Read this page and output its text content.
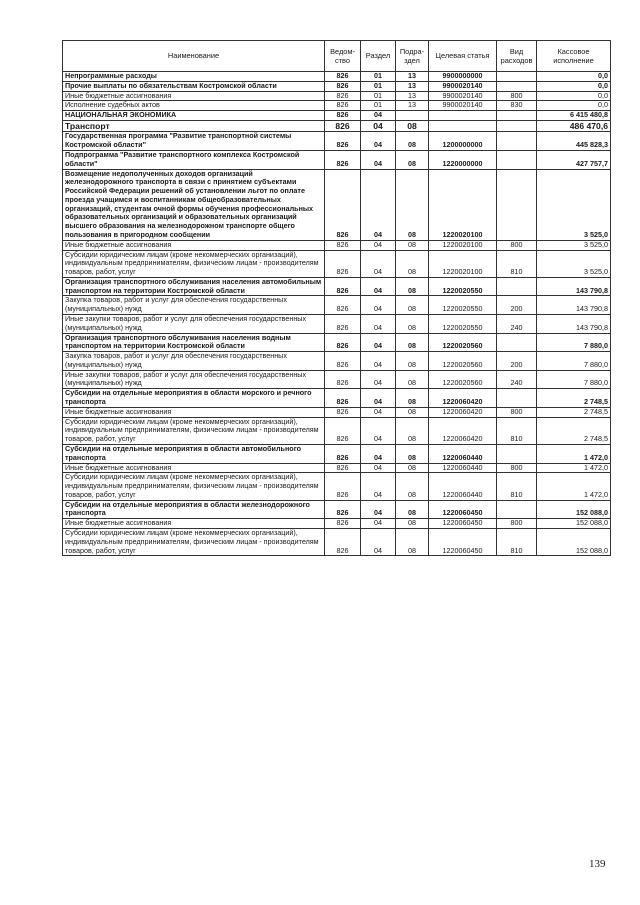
Наименование	Ведом-ство	Раздел	Подра-здел	Целевая статья	Вид расходов	Кассовое исполнение
Непрограммные расходы	826	01	13	9900000000		0,0
Прочие выплаты по обязательствам Костромской области	826	01	13	9900020140		0,0
Иные бюджетные ассигнования	826	01	13	9900020140	800	0,0
Исполнение судебных актов	826	01	13	9900020140	830	0,0
НАЦИОНАЛЬНАЯ ЭКОНОМИКА	826	04				6 415 480,8
Транспорт	826	04	08			486 470,6
Государственная программа "Развитие транспортной системы Костромской области"	826	04	08	1200000000		445 828,3
Подпрограмма "Развитие транспортного комплекса Костромской области"	826	04	08	1220000000		427 757,7
Возмещение недополученных доходов организаций железнодорожного транспорта в связи с принятием субъектами Российской Федерации решений об установлении льгот по оплате проезда учащимся и воспитанникам общеобразовательных организаций, студентам очной формы обучения профессиональных образовательных организаций и образовательных организаций высшего образования на железнодорожном транспорте общего пользования в пригородном сообщении	826	04	08	1220020100		3 525,0
Иные бюджетные ассигнования	826	04	08	1220020100	800	3 525,0
Субсидии юридическим лицам (кроме некоммерческих организаций), индивидуальным предпринимателям, физическим лицам - производителям товаров, работ, услуг	826	04	08	1220020100	810	3 525,0
Организация транспортного обслуживания населения автомобильным транспортом на территории Костромской области	826	04	08	1220020550		143 790,8
Закупка товаров, работ и услуг для обеспечения государственных (муниципальных) нужд	826	04	08	1220020550	200	143 790,8
Иные закупки товаров, работ и услуг для обеспечения государственных (муниципальных) нужд	826	04	08	1220020550	240	143 790,8
Организация транспортного обслуживания населения водным транспортом на территории Костромской области	826	04	08	1220020560		7 880,0
Закупка товаров, работ и услуг для обеспечения государственных (муниципальных) нужд	826	04	08	1220020560	200	7 880,0
Иные закупки товаров, работ и услуг для обеспечения государственных (муниципальных) нужд	826	04	08	1220020560	240	7 880,0
Субсидии на отдельные мероприятия в области морского и речного транспорта	826	04	08	1220060420		2 748,5
Иные бюджетные ассигнования	826	04	08	1220060420	800	2 748,5
Субсидии юридическим лицам (кроме некоммерческих организаций), индивидуальным предпринимателям, физическим лицам - производителям товаров, работ, услуг	826	04	08	1220060420	810	2 748,5
Субсидии на отдельные мероприятия в области автомобильного транспорта	826	04	08	1220060440		1 472,0
Иные бюджетные ассигнования	826	04	08	1220060440	800	1 472,0
Субсидии юридическим лицам (кроме некоммерческих организаций), индивидуальным предпринимателям, физическим лицам - производителям товаров, работ, услуг	826	04	08	1220060440	810	1 472,0
Субсидии на отдельные мероприятия в области железнодорожного транспорта	826	04	08	1220060450		152 088,0
Иные бюджетные ассигнования	826	04	08	1220060450	800	152 088,0
Субсидии юридическим лицам (кроме некоммерческих организаций), индивидуальным предпринимателям, физическим лицам - производителям товаров, работ, услуг	826	04	08	1220060450	810	152 088,0
139
